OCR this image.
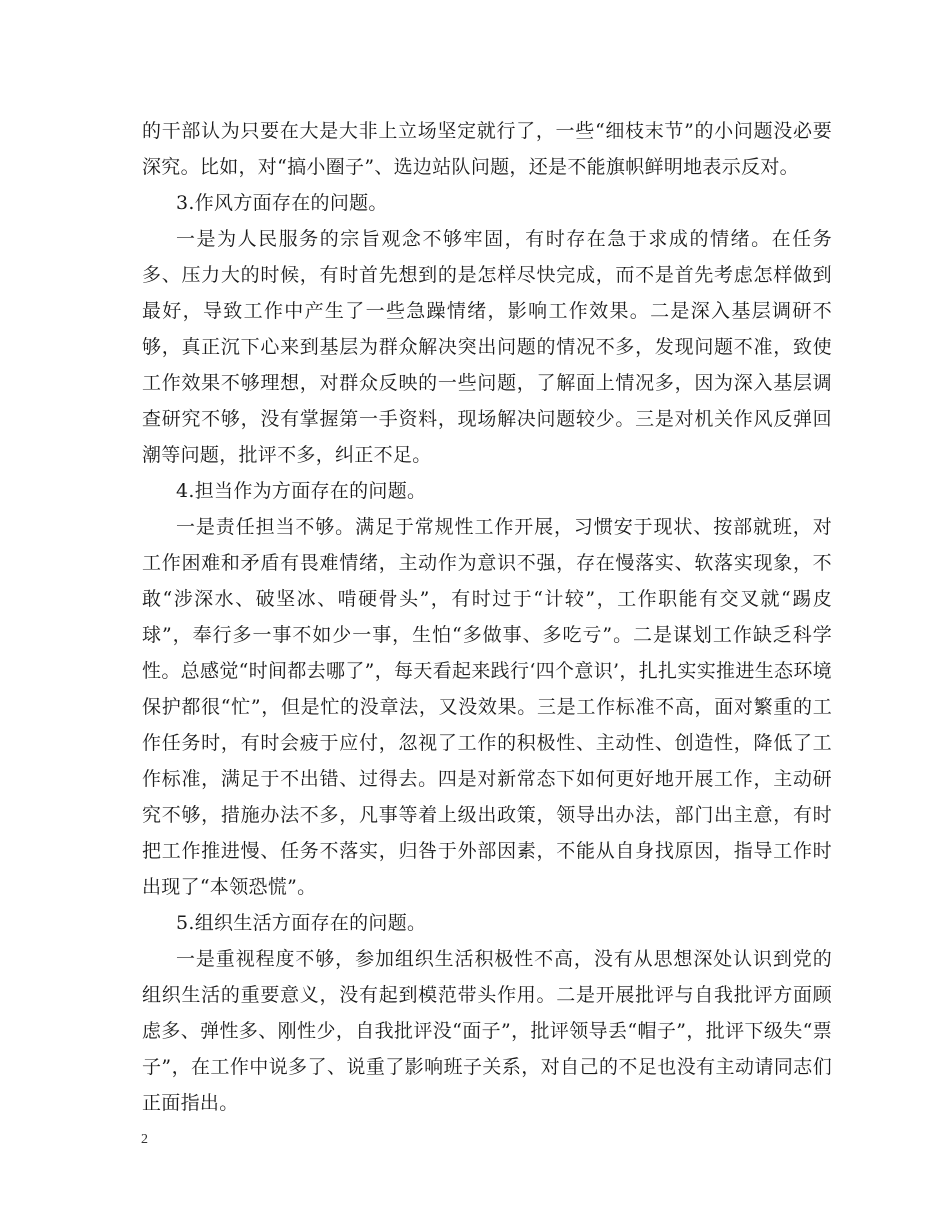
的干部认为只要在大是大非上立场坚定就行了，一些“细枝末节”的小问题没必要深究。比如，对“搞小圈子”、选边站队问题，还是不能旗帜鲜明地表示反对。

3.作风方面存在的问题。

一是为人民服务的宗旨观念不够牢固，有时存在急于求成的情绪。在任务多、压力大的时候，有时首先想到的是怎样尽快完成，而不是首先考虑怎样做到最好，导致工作中产生了一些急躁情绪，影响工作效果。二是深入基层调研不够，真正沉下心来到基层为群众解决突出问题的情况不多，发现问题不准，致使工作效果不够理想，对群众反映的一些问题，了解面上情况多，因为深入基层调查研究不够，没有掌握第一手资料，现场解决问题较少。三是对机关作风反弹回潮等问题，批评不多，纠正不足。

4.担当作为方面存在的问题。

一是责任担当不够。满足于常规性工作开展，习惯安于现状、按部就班，对工作困难和矛盾有畏难情绪，主动作为意识不强，存在慢落实、软落实现象，不敢“涉深水、破坚冰、啃硬骨头”，有时过于“计较”，工作职能有交叉就“踢皮球”，奉行多一事不如少一事，生怕“多做事、多吃亏”。二是谋划工作缺乏科学性。总感觉“时间都去哪了”，每天看起来践行‘四个意识’，扎扎实实推进生态环境保护都很“忙”，但是忙的没章法，又没效果。三是工作标准不高，面对繁重的工作任务时，有时会疲于应付，忽视了工作的积极性、主动性、创造性，降低了工作标准，满足于不出错、过得去。四是对新常态下如何更好地开展工作，主动研究不够，措施办法不多，凡事等着上级出政策，领导出办法，部门出主意，有时把工作推进慢、任务不落实，归咎于外部因素，不能从自身找原因，指导工作时出现了“本领恐慌”。

5.组织生活方面存在的问题。

一是重视程度不够，参加组织生活积极性不高，没有从思想深处认识到党的组织生活的重要意义，没有起到模范带头作用。二是开展批评与自我批评方面顾虑多、弹性多、刚性少，自我批评没“面子”，批评领导丢“帽子”，批评下级失“票子”，在工作中说多了、说重了影响班子关系，对自己的不足也没有主动请同志们正面指出。

2
